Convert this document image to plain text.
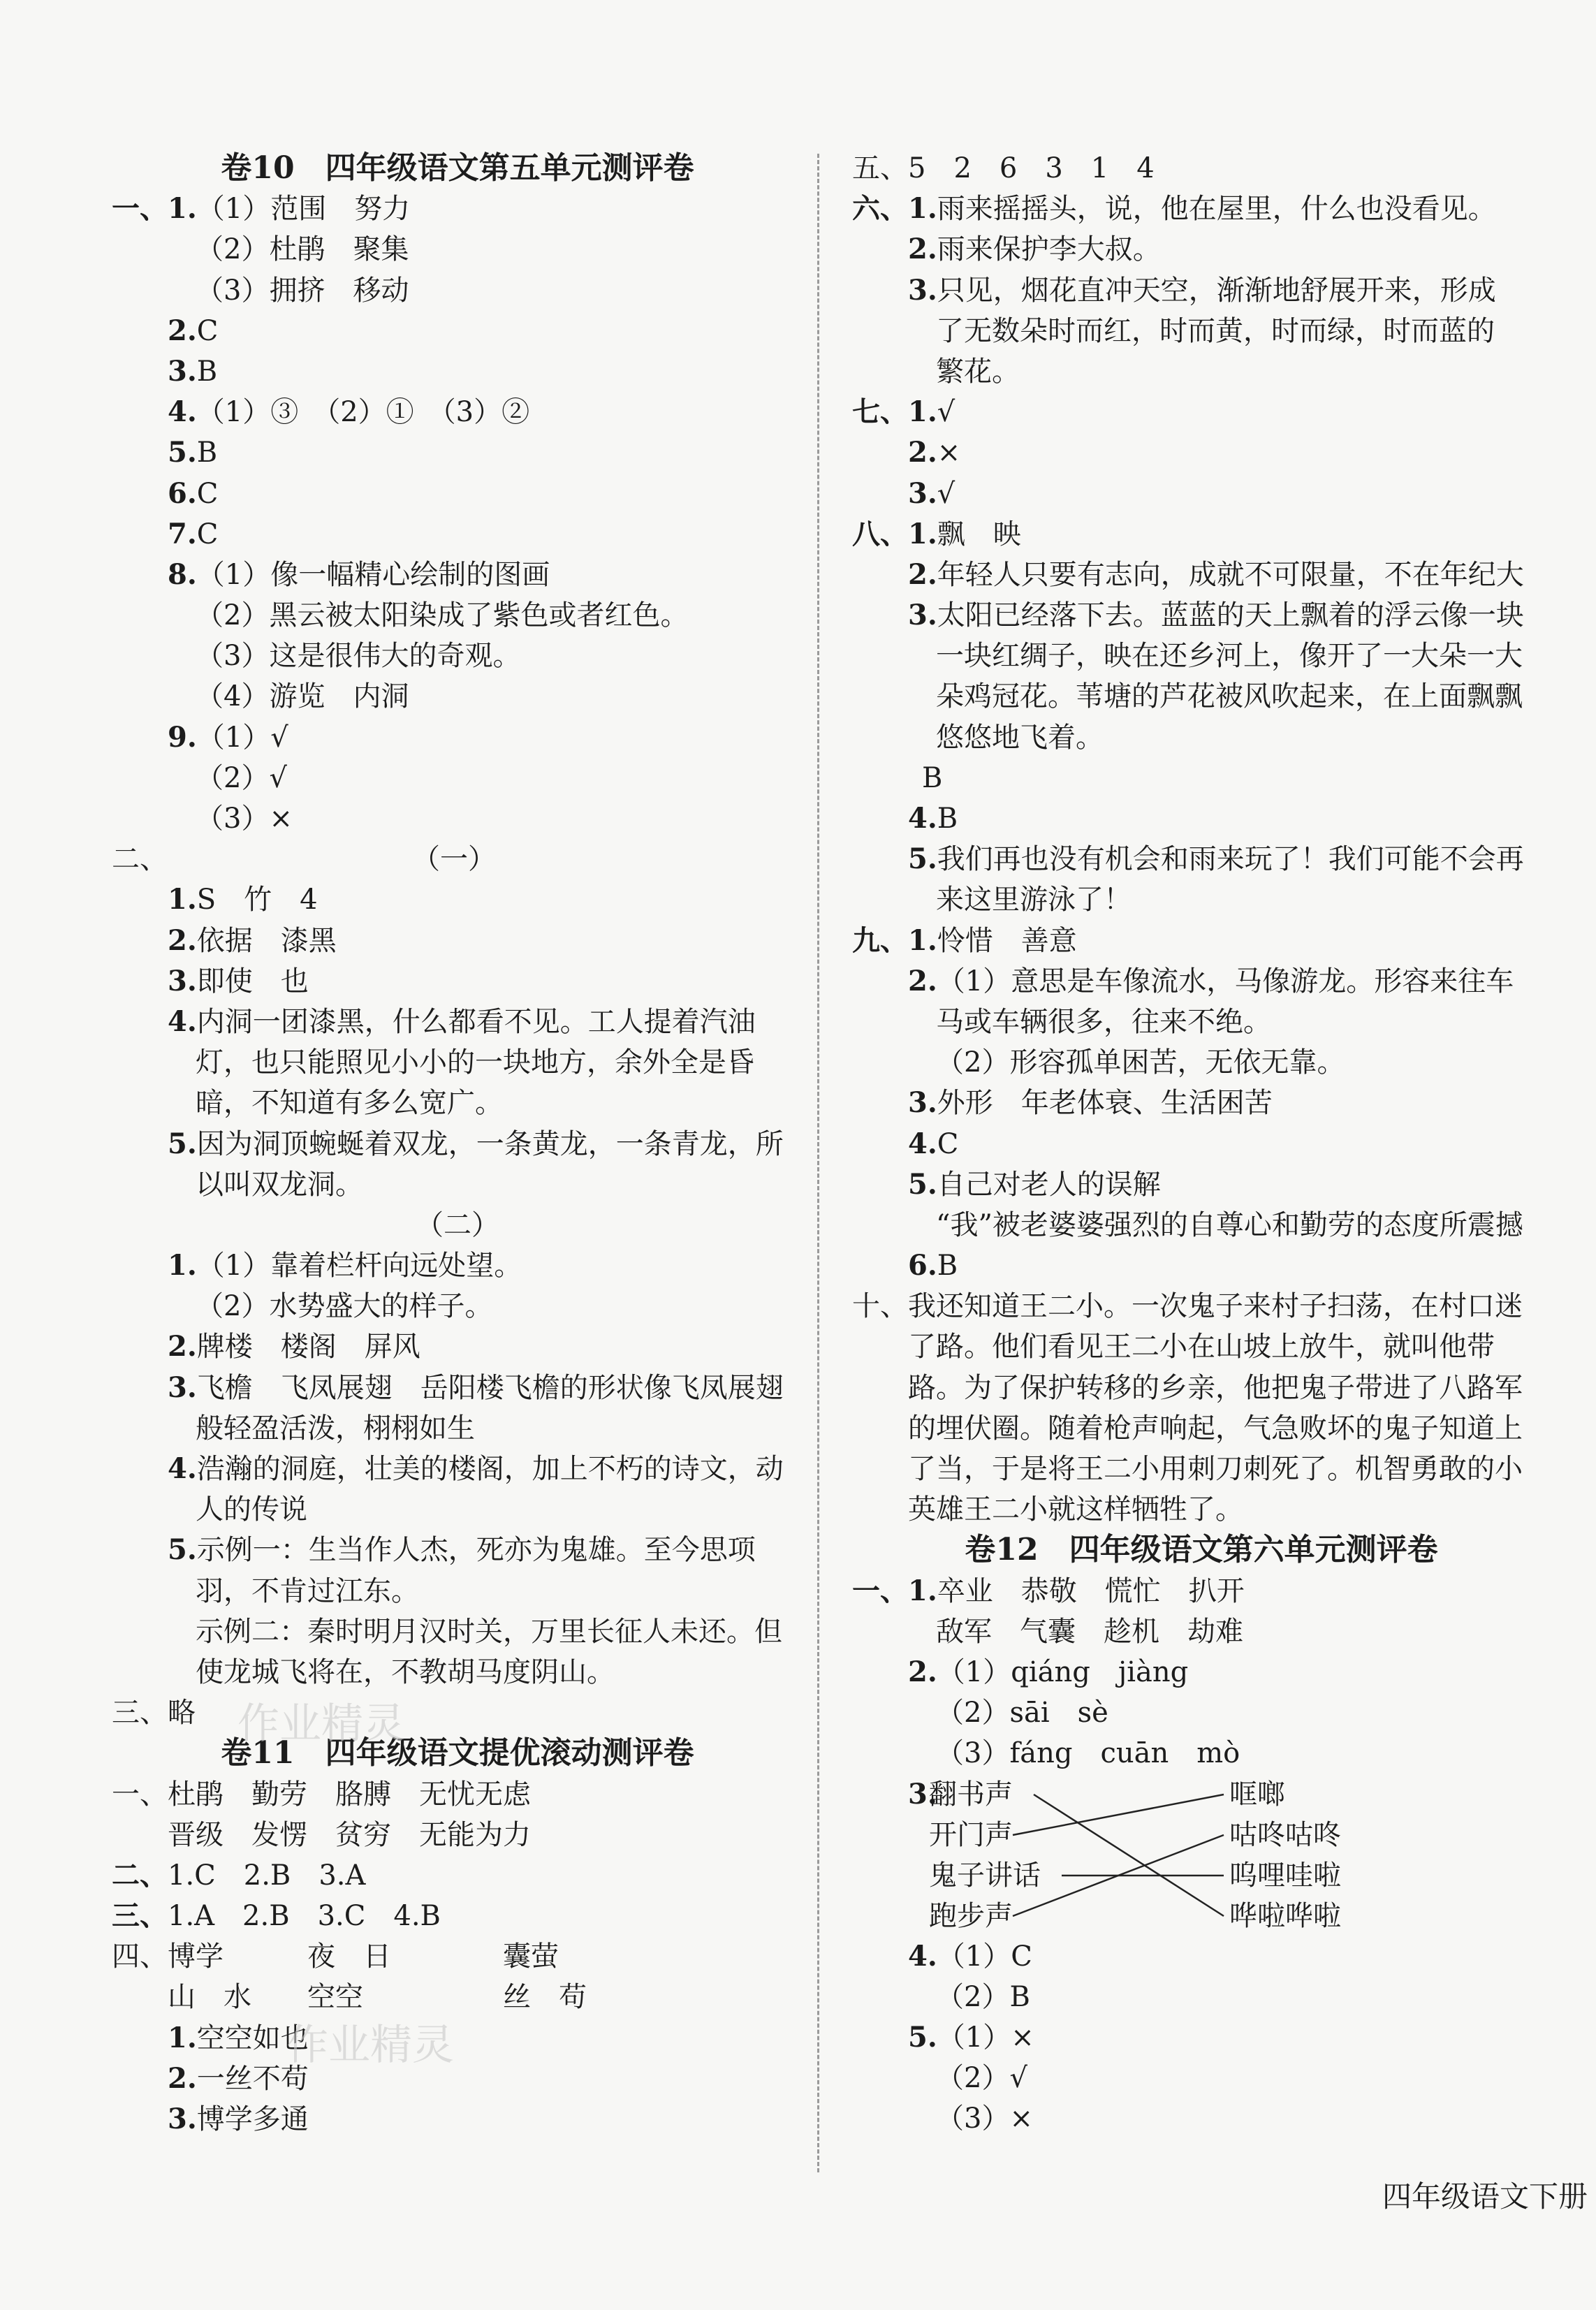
卷10　四年级语文第五单元测评卷
一、1.（1）范围　努力
（2）杜鹃　聚集
（3）拥挤　移动
2.C
3.B
4.（1）③　（2）①　（3）②
5.B
6.C
7.C
8.（1）像一幅精心绘制的图画
（2）黑云被太阳染成了紫色或者红色。
（3）这是很伟大的奇观。
（4）游览　内洞
9.（1）√
（2）√
（3）×
二、	（一）
1.S　竹　4
2.依据　漆黑
3.即使　也
4.内洞一团漆黑，什么都看不见。工人提着汽油
灯，也只能照见小小的一块地方，余外全是昏
暗，不知道有多么宽广。
5.因为洞顶蜿蜒着双龙，一条黄龙，一条青龙，所
以叫双龙洞。
（二）
1.（1）靠着栏杆向远处望。
（2）水势盛大的样子。
2.牌楼　楼阁　屏风
3.飞檐　飞凤展翅　岳阳楼飞檐的形状像飞凤展翅
般轻盈活泼，栩栩如生
4.浩瀚的洞庭，壮美的楼阁，加上不朽的诗文，动
人的传说
5.示例一：生当作人杰，死亦为鬼雄。至今思项
羽，不肯过江东。
示例二：秦时明月汉时关，万里长征人未还。但
使龙城飞将在，不教胡马度阴山。
三、略
卷11　四年级语文提优滚动测评卷
一、杜鹃　勤劳　胳膊　无忧无虑
晋级　发愣　贫穷　无能为力
二、1.C　2.B　3.A
三、1.A　2.B　3.C　4.B
四、博学　　　夜　日　　　　囊萤
山　水　　空空　　　　　丝　苟
1.空空如也
2.一丝不苟
3.博学多通
五、5　2　6　3　1　4
六、1.雨来摇摇头，说，他在屋里，什么也没看见。
2.雨来保护李大叔。
3.只见，烟花直冲天空，渐渐地舒展开来，形成
了无数朵时而红，时而黄，时而绿，时而蓝的
繁花。
七、1.√
2.×
3.√
八、1.飘　映
2.年轻人只要有志向，成就不可限量，不在年纪大
3.太阳已经落下去。蓝蓝的天上飘着的浮云像一块
一块红绸子，映在还乡河上，像开了一大朵一大
朵鸡冠花。苇塘的芦花被风吹起来，在上面飘飘
悠悠地飞着。
B
4.B
5.我们再也没有机会和雨来玩了！我们可能不会再
来这里游泳了！
九、1.怜惜　善意
2.（1）意思是车像流水，马像游龙。形容来往车
马或车辆很多，往来不绝。
（2）形容孤单困苦，无依无靠。
3.外形　年老体衰、生活困苦
4.C
5.自己对老人的误解
“我”被老婆婆强烈的自尊心和勤劳的态度所震撼
6.B
十、我还知道王二小。一次鬼子来村子扫荡，在村口迷
了路。他们看见王二小在山坡上放牛，就叫他带
路。为了保护转移的乡亲，他把鬼子带进了八路军
的埋伏圈。随着枪声响起，气急败坏的鬼子知道上
了当，于是将王二小用刺刀刺死了。机智勇敢的小
英雄王二小就这样牺牲了。
卷12　四年级语文第六单元测评卷
一、1.卒业　恭敬　慌忙　扒开
敌军　气囊　趁机　劫难
2.（1）qiáng　jiàng
（2）sāi　sè
（3）fáng　cuān　mò
3.
翻书声
开门声
鬼子讲话
跑步声
哐啷
咕咚咕咚
呜哩哇啦
哗啦哗啦
4.（1）C
（2）B
5.（1）×
（2）√
（3）×
作业精灵
作业精灵
四年级语文下册
